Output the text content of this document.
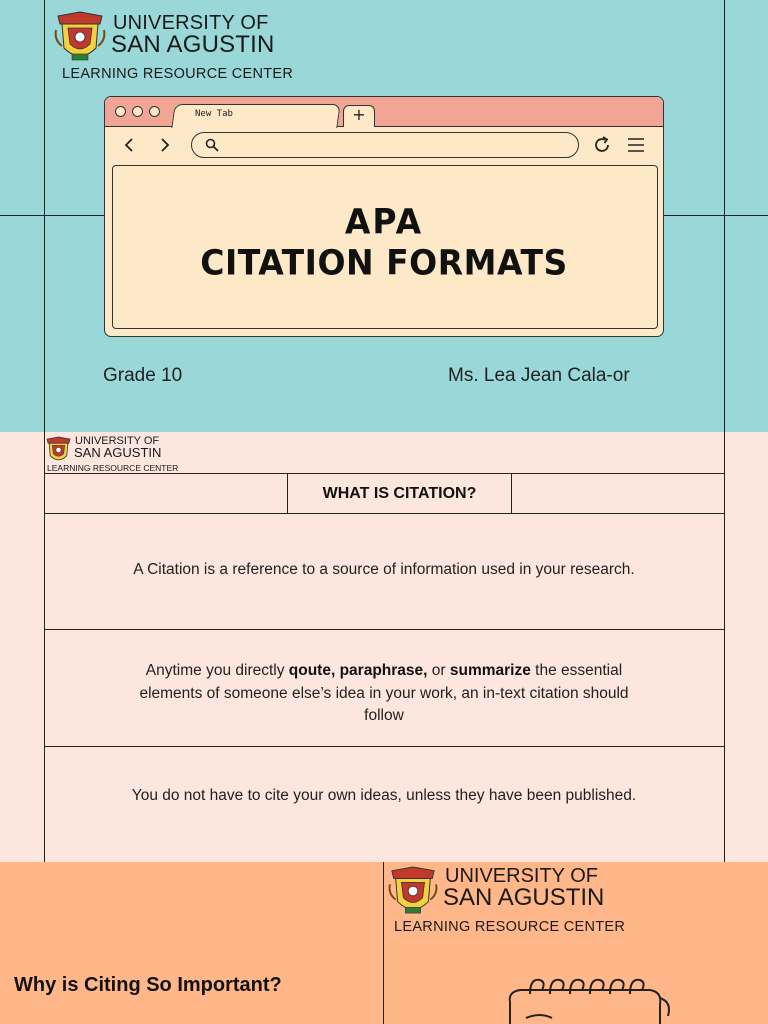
UNIVERSITY OF
SAN AGUSTIN
LEARNING RESOURCE CENTER
New Tab	+
APA
CITATION FORMATS
Grade 10	Ms. Lea Jean Cala-or
UNIVERSITY OF
SAN AGUSTIN
LEARNING RESOURCE CENTER
WHAT IS CITATION?
A Citation is a reference to a source of information used in your research.
Anytime you directly qoute, paraphrase, or summarize the essential elements of someone else’s idea in your work, an in-text citation should follow
You do not have to cite your own ideas, unless they have been published.
UNIVERSITY OF
SAN AGUSTIN
LEARNING RESOURCE CENTER
Why is Citing So Important?
